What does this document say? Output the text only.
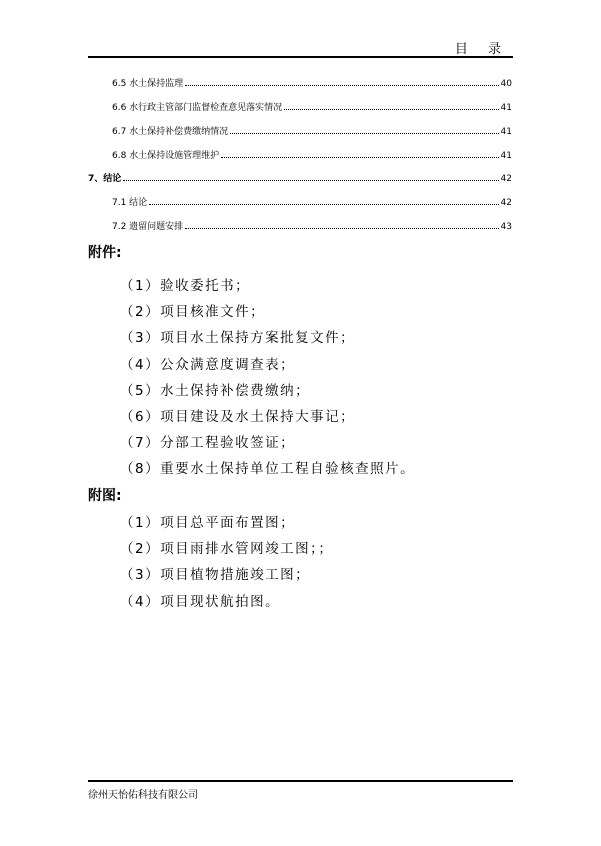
目 录
6.5 水土保持监理	40
6.6 水行政主管部门监督检查意见落实情况	41
6.7 水土保持补偿费缴纳情况	41
6.8 水土保持设施管理维护	41
7、结论	42
7.1 结论	42
7.2 遗留问题安排	43
附件:
（1）验收委托书；
（2）项目核准文件；
（3）项目水土保持方案批复文件；
（4）公众满意度调查表；
（5）水土保持补偿费缴纳；
（6）项目建设及水土保持大事记；
（7）分部工程验收签证；
（8）重要水土保持单位工程自验核查照片。
附图:
（1）项目总平面布置图；
（2）项目雨排水管网竣工图；；
（3）项目植物措施竣工图；
（4）项目现状航拍图。
徐州天怡佑科技有限公司
